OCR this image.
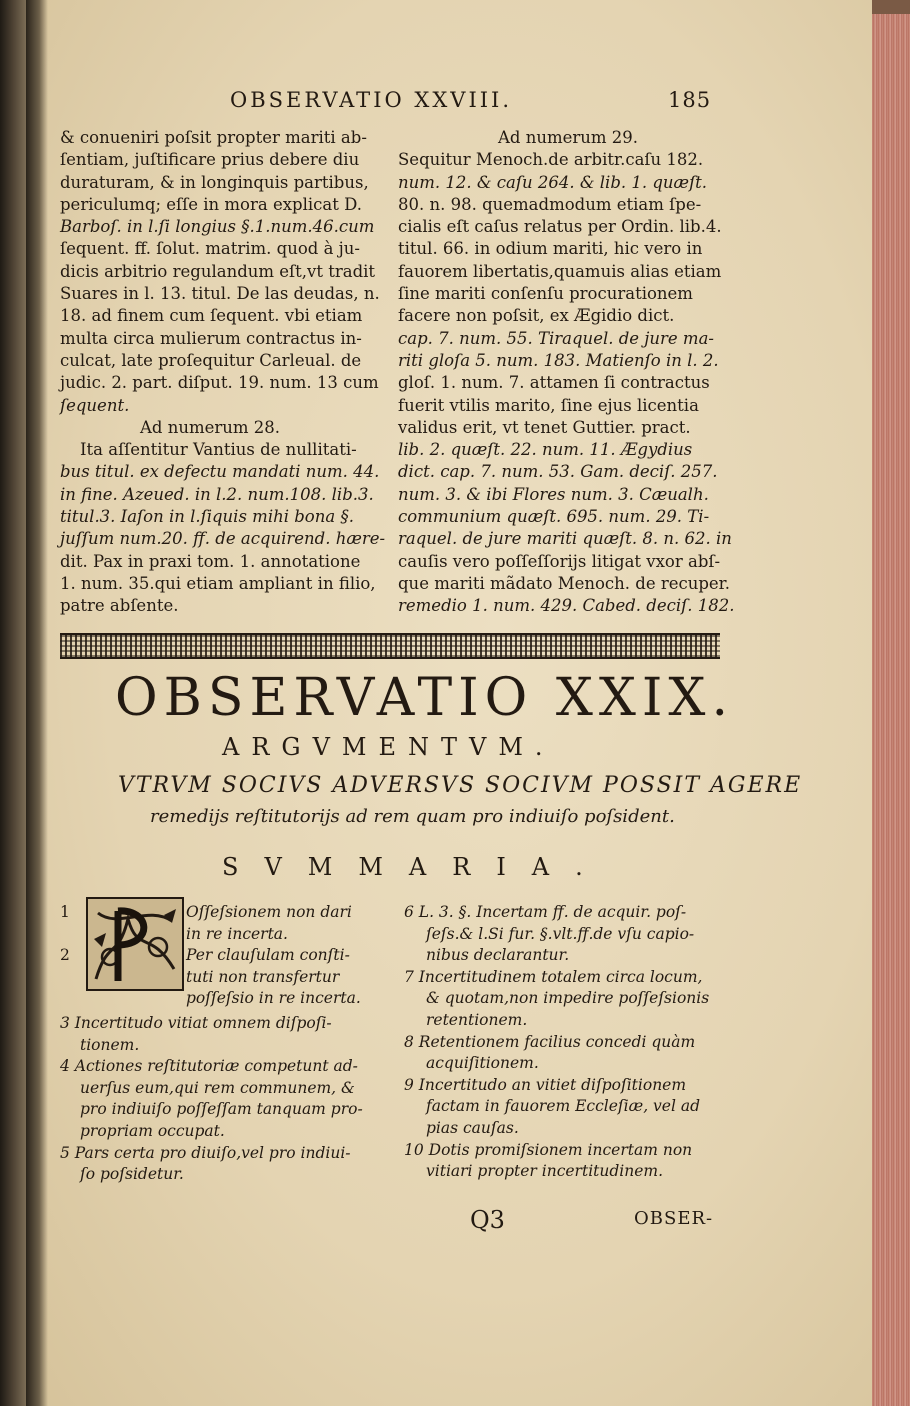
OBSERVATIO XXVIII.	185
& conueniri poſsit propter mariti ab-
ſentiam, juſtificare prius debere diu
duraturam, & in longinquis partibus,
periculumq; eſſe in mora explicat D.
Barboſ. in l.ſi longius §.1.num.46.cum
ſequent. ff. ſolut. matrim. quod à ju-
dicis arbitrio regulandum eſt,vt tradit
Suares in l. 13. titul. De las deudas, n.
18. ad finem cum ſequent. vbi etiam
multa circa mulierum contractus in-
culcat, late proſequitur Carleual. de
judic. 2. part. diſput. 19. num. 13 cum
ſequent.
Ad numerum 28.
Ita aſſentitur Vantius de nullitati-
bus titul. ex defectu mandati num. 44.
in fine. Azeued. in l.2. num.108. lib.3.
titul.3. Iaſon in l.ſiquis mihi bona §.
juſſum num.20. ff. de acquirend. hære-
dit. Pax in praxi tom. 1. annotatione
1. num. 35.qui etiam ampliant in filio,
patre abſente.
Ad numerum 29.
Sequitur Menoch.de arbitr.caſu 182.
num. 12. & caſu 264. & lib. 1. quæſt.
80. n. 98. quemadmodum etiam ſpe-
cialis eſt caſus relatus per Ordin. lib.4.
titul. 66. in odium mariti, hic vero in
fauorem libertatis,quamuis alias etiam
ſine mariti conſenſu procurationem
facere non poſsit, ex Ægidio dict.
cap. 7. num. 55. Tiraquel. de jure ma-
riti gloſa 5. num. 183. Matienſo in l. 2.
gloſ. 1. num. 7. attamen ſi contractus
fuerit vtilis marito, ſine ejus licentia
validus erit, vt tenet Guttier. pract.
lib. 2. quæſt. 22. num. 11. Ægydius
dict. cap. 7. num. 53. Gam. deciſ. 257.
num. 3. & ibi Flores num. 3. Cæualh.
communium quæſt. 695. num. 29. Ti-
raquel. de jure mariti quæſt. 8. n. 62. in
cauſis vero poſſeſſorijs litigat vxor abſ-
que mariti mãdato Menoch. de recuper.
remedio 1. num. 429. Cabed. deciſ. 182.
OBSERVATIO XXIX.
ARGVMENTVM.
VTRVM SOCIVS ADVERSVS SOCIVM POSSIT AGERE
remedijs reſtitutorijs ad rem quam pro indiuiſo poſsident.
SVMMARIA.
1

2
Oſſeſsionem non dari
in re incerta.
Per clauſulam conſti-
tuti non transfertur
poſſeſsio in re incerta.
3 Incertitudo vitiat omnem diſpoſi-
tionem.
4 Actiones reſtitutoriæ competunt ad-
uerſus eum,qui rem communem, &
pro indiuiſo poſſeſſam tanquam pro-
propriam occupat.
5 Pars certa pro diuiſo,vel pro indiui-
ſo poſsidetur.
6 L. 3. §. Incertam ff. de acquir. poſ-
ſeſs.& l.Si fur. §.vlt.ff.de vſu capio-
nibus declarantur.
7 Incertitudinem totalem circa locum,
& quotam,non impedire poſſeſsionis
retentionem.
8 Retentionem facilius concedi quàm
acquiſitionem.
9 Incertitudo an vitiet diſpoſitionem
factam in fauorem Eccleſiæ, vel ad
pias cauſas.
10 Dotis promiſsionem incertam non
vitiari propter incertitudinem.
Q3	OBSER-
